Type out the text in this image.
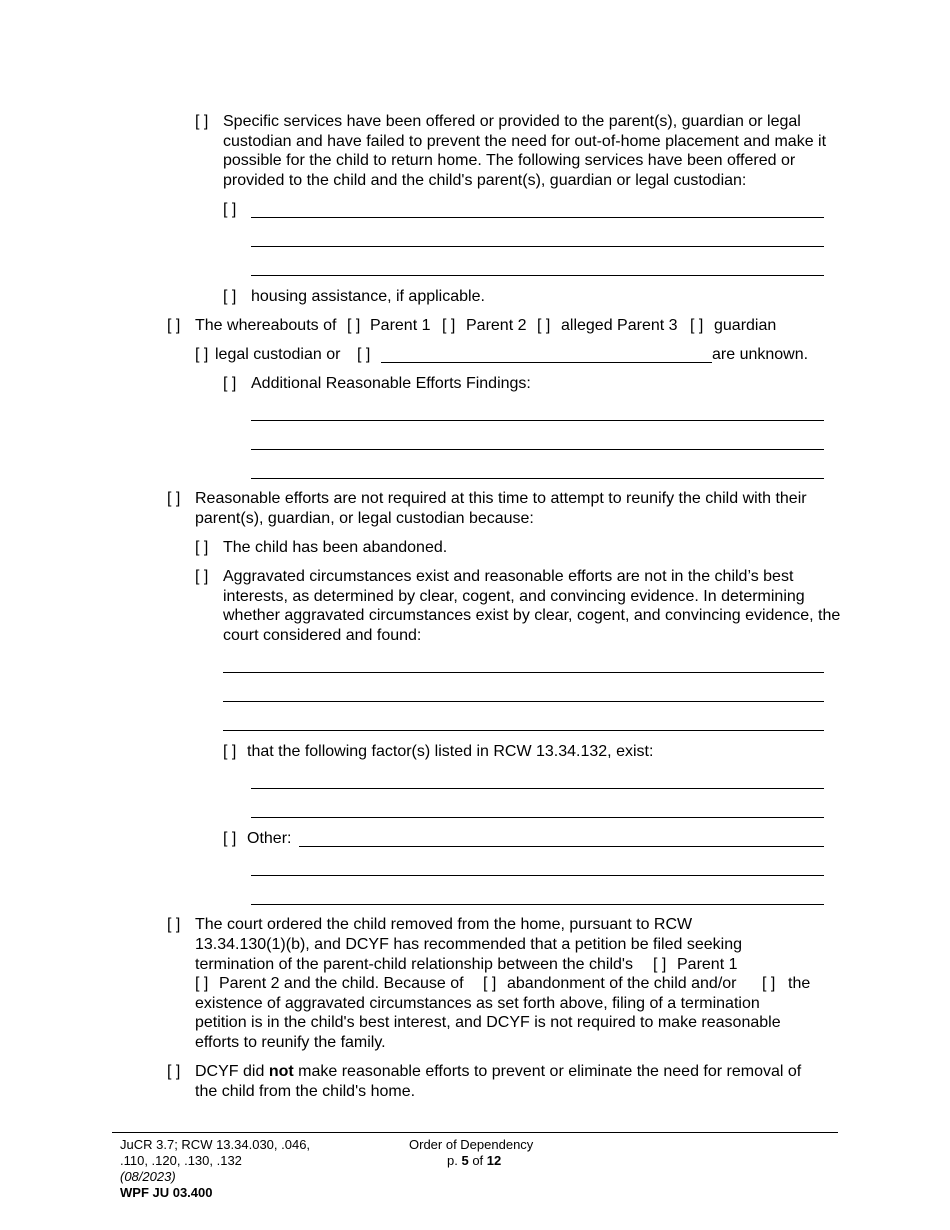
[ ] Specific services have been offered or provided to the parent(s), guardian or legal custodian and have failed to prevent the need for out-of-home placement and make it possible for the child to return home. The following services have been offered or provided to the child and the child's parent(s), guardian or legal custodian:
[ ]
[ ] housing assistance, if applicable.
[ ] The whereabouts of [ ] Parent 1 [ ] Parent 2 [ ] alleged Parent 3 [ ] guardian
[ ] legal custodian or [ ]	are unknown.
[ ] Additional Reasonable Efforts Findings:
[ ] Reasonable efforts are not required at this time to attempt to reunify the child with their parent(s), guardian, or legal custodian because:
[ ] The child has been abandoned.
[ ] Aggravated circumstances exist and reasonable efforts are not in the child’s best interests, as determined by clear, cogent, and convincing evidence. In determining whether aggravated circumstances exist by clear, cogent, and convincing evidence, the court considered and found:
[ ] that the following factor(s) listed in RCW 13.34.132, exist:
[ ] Other:
[ ] The court ordered the child removed from the home, pursuant to RCW
13.34.130(1)(b), and DCYF has recommended that a petition be filed seeking
termination of the parent-child relationship between the child's [ ] Parent 1
[ ] Parent 2 and the child. Because of [ ] abandonment of the child and/or [ ] the
existence of aggravated circumstances as set forth above, filing of a termination
petition is in the child's best interest, and DCYF is not required to make reasonable
efforts to reunify the family.
[ ] DCYF did not make reasonable efforts to prevent or eliminate the need for removal of
the child from the child's home.
JuCR 3.7; RCW 13.34.030, .046,
.110, .120, .130, .132
(08/2023)
WPF JU 03.400
Order of Dependency
p. 5 of 12
